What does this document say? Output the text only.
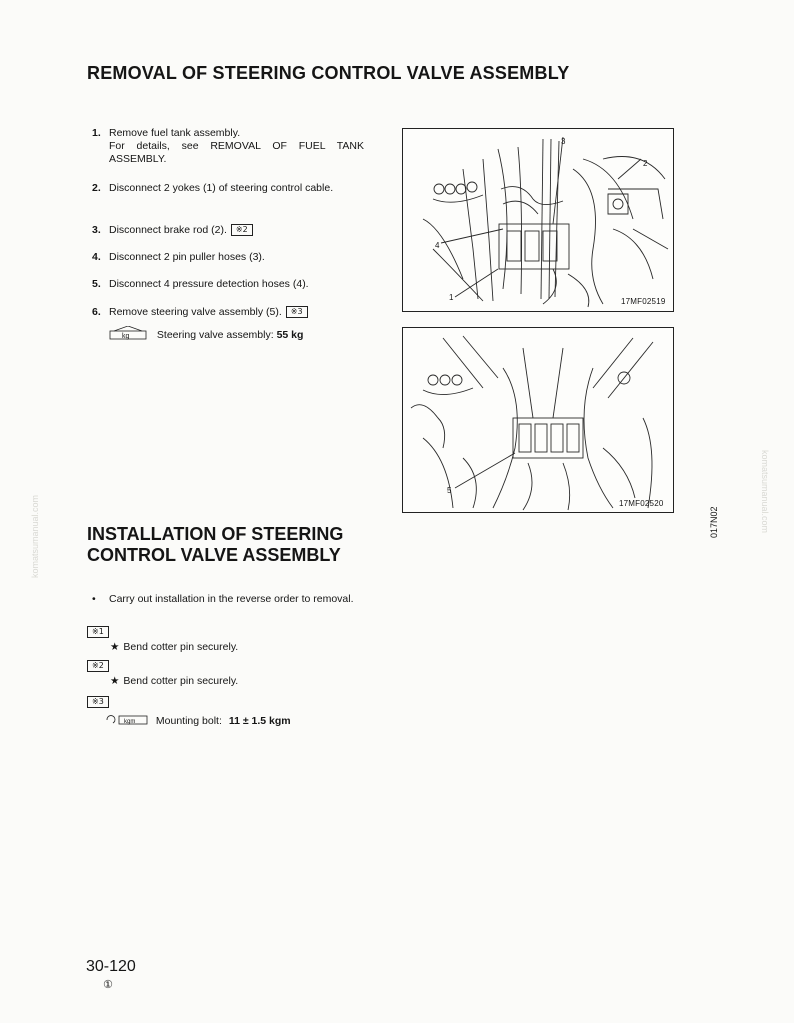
REMOVAL OF STEERING CONTROL VALVE ASSEMBLY
1. Remove fuel tank assembly.
For details, see REMOVAL OF FUEL TANK ASSEMBLY.
2. Disconnect 2 yokes (1) of steering control cable.
3. Disconnect brake rod (2). ※2
4. Disconnect 2 pin puller hoses (3).
5. Disconnect 4 pressure detection hoses (4).
6. Remove steering valve assembly (5). ※3
kg	Steering valve assembly: 55 kg
3
2
4
1	17MF02519
5
17MF02520
017N02
komatsumanual.com
komatsumanual.com
INSTALLATION OF STEERING
CONTROL VALVE ASSEMBLY
• Carry out installation in the reverse order to removal.
※1
★ Bend cotter pin securely.
※2
★ Bend cotter pin securely.
※3
kgm Mounting bolt: 11 ± 1.5 kgm
30-120
①
